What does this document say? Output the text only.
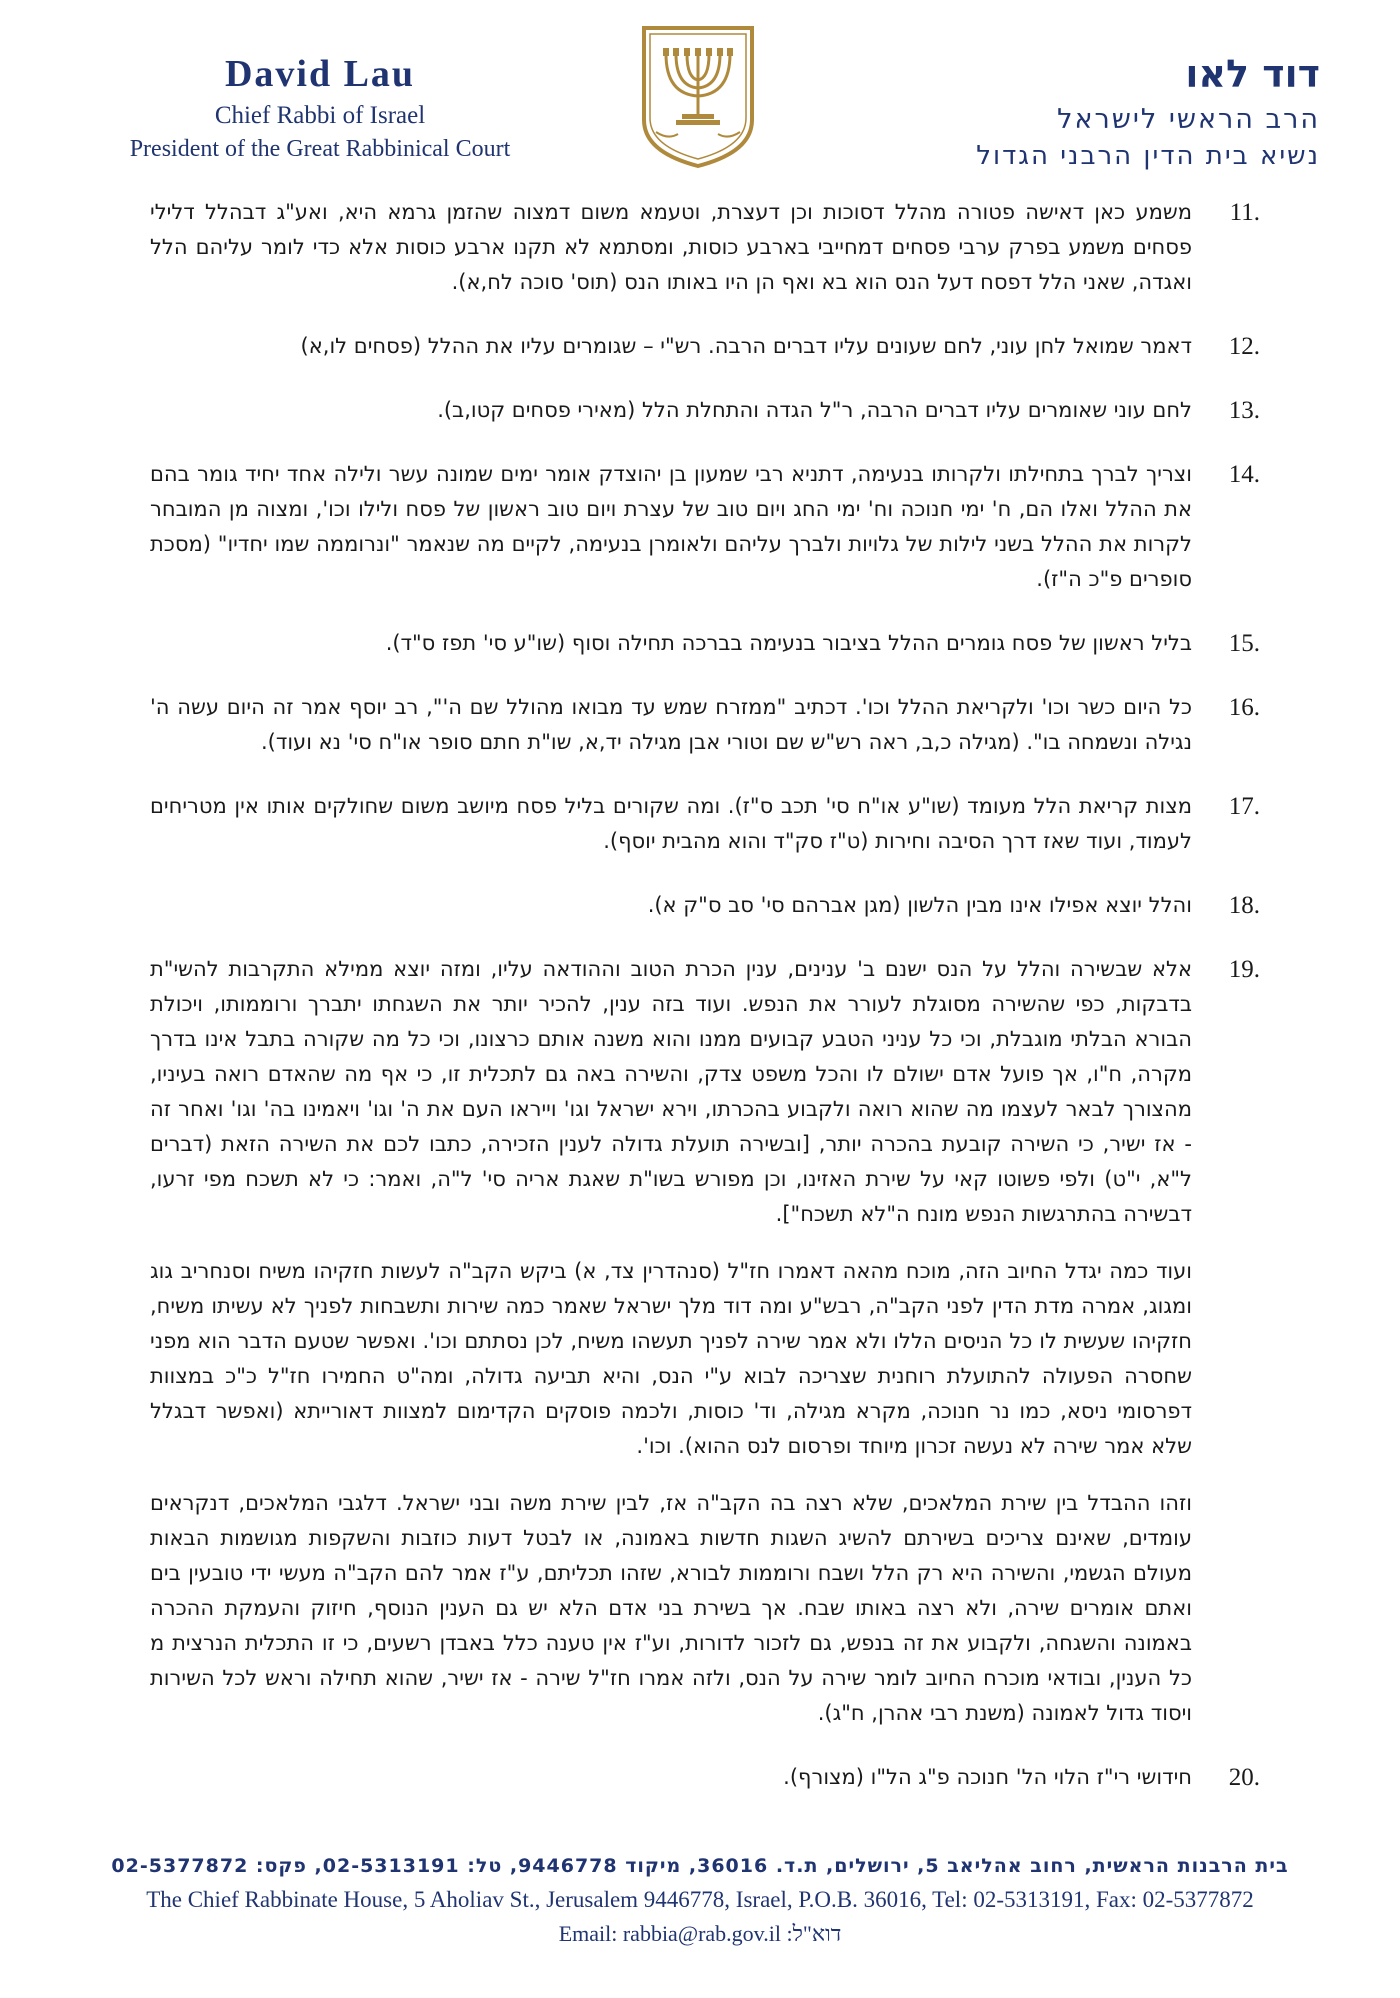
David Lau
Chief Rabbi of Israel
President of the Great Rabbinical Court
דוד לאו
הרב הראשי לישראל
נשיא בית הדין הרבני הגדול
11.

משמע כאן דאישה פטורה מהלל דסוכות וכן דעצרת, וטעמא משום דמצוה שהזמן גרמא היא, ואע"ג דבהלל דלילי פסחים משמע בפרק ערבי פסחים דמחייבי בארבע כוסות, ומסתמא לא תקנו ארבע כוסות אלא כדי לומר עליהם הלל ואגדה, שאני הלל דפסח דעל הנס הוא בא ואף הן היו באותו הנס (תוס' סוכה לח,א).

12.

דאמר שמואל לחן עוני, לחם שעונים עליו דברים הרבה. רש"י – שגומרים עליו את ההלל (פסחים לו,א)

13.

לחם עוני שאומרים עליו דברים הרבה, ר"ל הגדה והתחלת הלל (מאירי פסחים קטו,ב).

14.

וצריך לברך בתחילתו ולקרותו בנעימה, דתניא רבי שמעון בן יהוצדק אומר ימים שמונה עשר ולילה אחד יחיד גומר בהם את ההלל ואלו הם, ח' ימי חנוכה וח' ימי החג ויום טוב של עצרת ויום טוב ראשון של פסח ולילו וכו', ומצוה מן המובחר לקרות את ההלל בשני לילות של גלויות ולברך עליהם ולאומרן בנעימה, לקיים מה שנאמר "ונרוממה שמו יחדיו" (מסכת סופרים פ"כ ה"ז).

15.

בליל ראשון של פסח גומרים ההלל בציבור בנעימה בברכה תחילה וסוף (שו"ע סי' תפז ס"ד).

16.

כל היום כשר וכו' ולקריאת ההלל וכו'. דכתיב "ממזרח שמש עד מבואו מהולל שם ה'", רב יוסף אמר זה היום עשה ה' נגילה ונשמחה בו". (מגילה כ,ב, ראה רש"ש שם וטורי אבן מגילה יד,א, שו"ת חתם סופר או"ח סי' נא ועוד).

17.

מצות קריאת הלל מעומד (שו"ע או"ח סי' תכב ס"ז). ומה שקורים בליל פסח מיושב משום שחולקים אותו אין מטריחים לעמוד, ועוד שאז דרך הסיבה וחירות (ט"ז סק"ד והוא מהבית יוסף).

18.

והלל יוצא אפילו אינו מבין הלשון (מגן אברהם סי' סב ס"ק א).

19.

אלא שבשירה והלל על הנס ישנם ב' ענינים, ענין הכרת הטוב וההודאה עליו, ומזה יוצא ממילא התקרבות להשי"ת בדבקות, כפי שהשירה מסוגלת לעורר את הנפש. ועוד בזה ענין, להכיר יותר את השגחתו יתברך ורוממותו, ויכולת הבורא הבלתי מוגבלת, וכי כל עניני הטבע קבועים ממנו והוא משנה אותם כרצונו, וכי כל מה שקורה בתבל אינו בדרך מקרה, ח"ו, אך פועל אדם ישולם לו והכל משפט צדק, והשירה באה גם לתכלית זו, כי אף מה שהאדם רואה בעיניו, מהצורך לבאר לעצמו מה שהוא רואה ולקבוע בהכרתו, וירא ישראל וגו' וייראו העם את ה' וגו' ויאמינו בה' וגו' ואחר זה - אז ישיר, כי השירה קובעת בהכרה יותר, [ובשירה תועלת גדולה לענין הזכירה, כתבו לכם את השירה הזאת (דברים ל"א, י"ט) ולפי פשוטו קאי על שירת האזינו, וכן מפורש בשו"ת שאגת אריה סי' ל"ה, ואמר: כי לא תשכח מפי זרעו, דבשירה בהתרגשות הנפש מונח ה"לא תשכח"].

ועוד כמה יגדל החיוב הזה, מוכח מהאה דאמרו חז"ל (סנהדרין צד, א) ביקש הקב"ה לעשות חזקיהו משיח וסנחריב גוג ומגוג, אמרה מדת הדין לפני הקב"ה, רבש"ע ומה דוד מלך ישראל שאמר כמה שירות ותשבחות לפניך לא עשיתו משיח, חזקיהו שעשית לו כל הניסים הללו ולא אמר שירה לפניך תעשהו משיח, לכן נסתתם וכו'. ואפשר שטעם הדבר הוא מפני שחסרה הפעולה להתועלת רוחנית שצריכה לבוא ע"י הנס, והיא תביעה גדולה, ומה"ט החמירו חז"ל כ"כ במצוות דפרסומי ניסא, כמו נר חנוכה, מקרא מגילה, וד' כוסות, ולכמה פוסקים הקדימום למצוות דאורייתא (ואפשר דבגלל שלא אמר שירה לא נעשה זכרון מיוחד ופרסום לנס ההוא). וכו'.

וזהו ההבדל בין שירת המלאכים, שלא רצה בה הקב"ה אז, לבין שירת משה ובני ישראל. דלגבי המלאכים, דנקראים עומדים, שאינם צריכים בשירתם להשיג השגות חדשות באמונה, או לבטל דעות כוזבות והשקפות מגושמות הבאות מעולם הגשמי, והשירה היא רק הלל ושבח ורוממות לבורא, שזהו תכליתם, ע"ז אמר להם הקב"ה מעשי ידי טובעין בים ואתם אומרים שירה, ולא רצה באותו שבח. אך בשירת בני אדם הלא יש גם הענין הנוסף, חיזוק והעמקת ההכרה באמונה והשגחה, ולקבוע את זה בנפש, גם לזכור לדורות, וע"ז אין טענה כלל באבדן רשעים, כי זו התכלית הנרצית מ כל הענין, ובודאי מוכרח החיוב לומר שירה על הנס, ולזה אמרו חז"ל שירה - אז ישיר, שהוא תחילה וראש לכל השירות ויסוד גדול לאמונה (משנת רבי אהרן, ח"ג).

20.

חידושי רי"ז הלוי הל' חנוכה פ"ג הל"ו (מצורף).

בית הרבנות הראשית, רחוב אהליאב 5, ירושלים, ת.ד. 36016, מיקוד 9446778, טל: 02-5313191, פקס: 02-5377872
The Chief Rabbinate House, 5 Aholiav St., Jerusalem 9446778, Israel, P.O.B. 36016, Tel: 02-5313191, Fax: 02-5377872
Email: rabbia@rab.gov.il :דוא"ל
